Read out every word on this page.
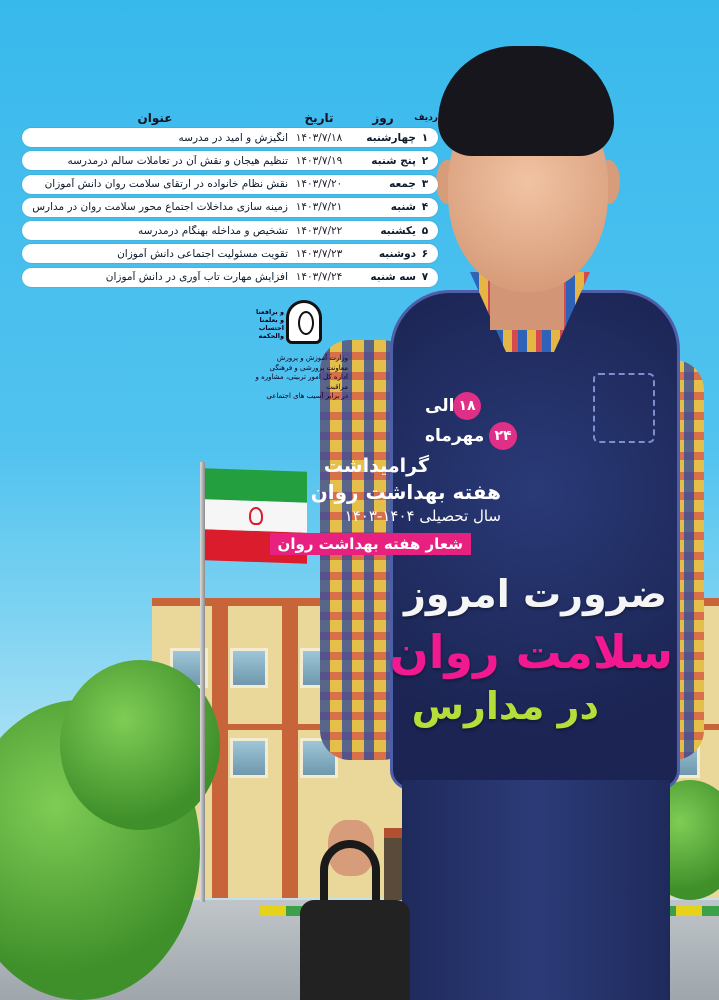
ردیف
روز
تاریخ
عنوان
۱
چهارشنبه
۱۴۰۳/۷/۱۸
انگیزش و امید در مدرسه
۲
پنج شنبه
۱۴۰۳/۷/۱۹
تنظیم هیجان و نقش آن در تعاملات سالم درمدرسه
۳
جمعه
۱۴۰۳/۷/۲۰
نقش نظام خانواده در ارتقای سلامت روان دانش آموزان
۴
شنبه
۱۴۰۳/۷/۲۱
زمینه سازی مداخلات اجتماع محور سلامت روان در مدارس
۵
یکشنبه
۱۴۰۳/۷/۲۲
تشخیص و مداخله بهنگام درمدرسه
۶
دوشنبه
۱۴۰۳/۷/۲۳
تقویت مسئولیت اجتماعی دانش آموزان
۷
سه شنبه
۱۴۰۳/۷/۲۴
افزایش مهارت تاب آوری در دانش آموزان
و برافعنا و بعلمنا احتساب والحکمه
وزارت آموزش و پرورش
معاونت پرورشی و فرهنگی
اداره کل امور تربیتی، مشاوره و مراقبت
در برابر آسیب های اجتماعی
۱۸
الی
۲۴
مهرماه
گرامیداشت
هفته بهداشت روان
سال تحصیلی ۱۴۰۴-۱۴۰۳
شعار هفته بهداشت روان
ضرورت امروز
سلامت روان
در مدارس
